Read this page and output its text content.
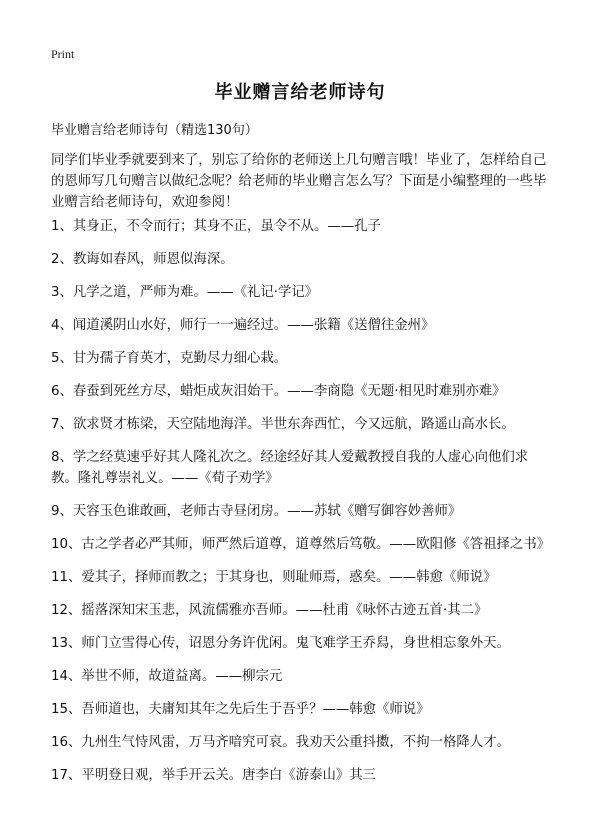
Print
毕业赠言给老师诗句
毕业赠言给老师诗句（精选130句）
同学们毕业季就要到来了，别忘了给你的老师送上几句赠言哦！毕业了，怎样给自己的恩师写几句赠言以做纪念呢？给老师的毕业赠言怎么写？下面是小编整理的一些毕业赠言给老师诗句，欢迎参阅！
1、其身正，不令而行；其身不正，虽令不从。——孔子
2、教诲如春风，师恩似海深。
3、凡学之道，严师为难。——《礼记·学记》
4、闻道溪阴山水好，师行一一遍经过。——张籍《送僧往金州》
5、甘为孺子育英才，克勤尽力细心栽。
6、春蚕到死丝方尽，蜡炬成灰泪始干。——李商隐《无题·相见时难别亦难》
7、欲求贤才栋梁，天空陆地海洋。半世东奔西忙，今又远航，路遥山高水长。
8、学之经莫速乎好其人隆礼次之。经途经好其人爱戴教授自我的人虚心向他们求教。隆礼尊崇礼义。——《荀子劝学》
9、天容玉色谁敢画，老师古寺昼闭房。——苏轼《赠写御容妙善师》
10、古之学者必严其师，师严然后道尊，道尊然后笃敬。——欧阳修《答祖择之书》
11、爱其子，择师而教之；于其身也，则耻师焉，惑矣。——韩愈《师说》
12、摇落深知宋玉悲，风流儒雅亦吾师。——杜甫《咏怀古迹五首·其二》
13、师门立雪得心传，诏恩分务许优闲。鬼飞难学王乔舄，身世相忘象外天。
14、举世不师，故道益离。——柳宗元
15、吾师道也，夫庸知其年之先后生于吾乎？——韩愈《师说》
16、九州生气恃风雷，万马齐喑究可哀。我劝天公重抖擞，不拘一格降人才。
17、平明登日观，举手开云关。唐李白《游泰山》其三
